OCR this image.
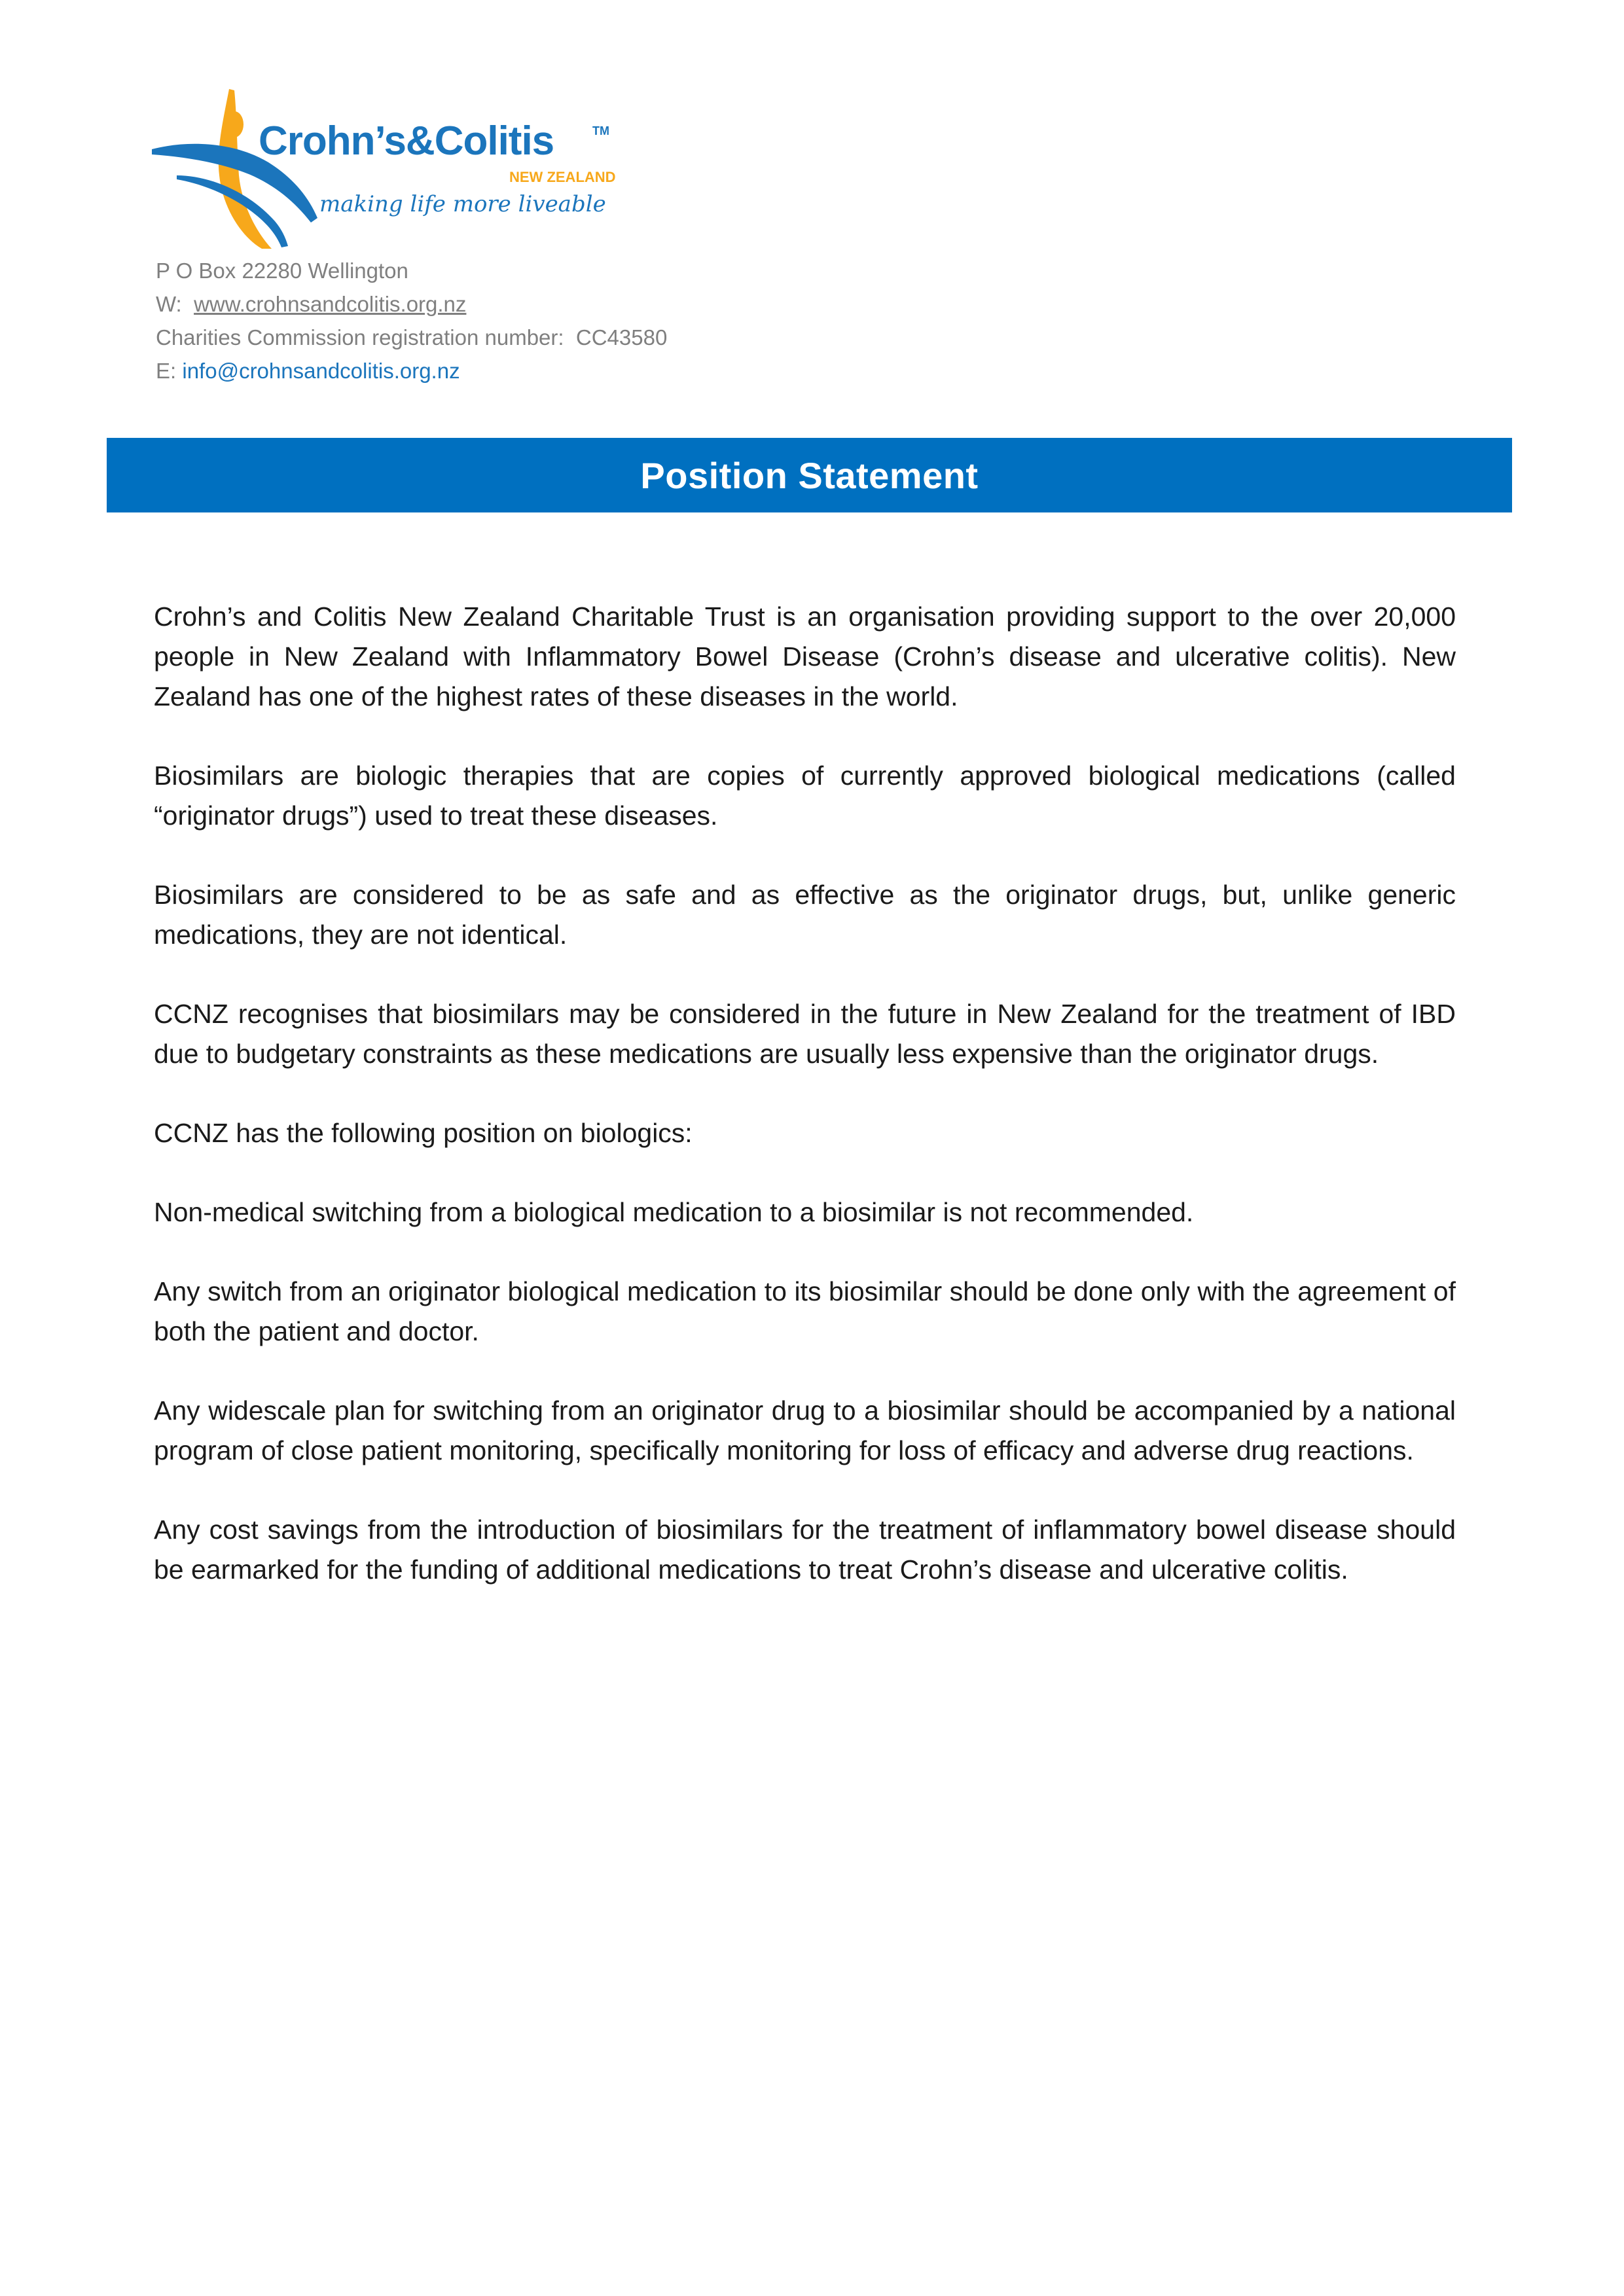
Crohn’s&Colitis	TM
NEW ZEALAND
making life more liveable
P O Box 22280 Wellington
W:  www.crohnsandcolitis.org.nz
Charities Commission registration number:  CC43580
E: info@crohnsandcolitis.org.nz
Position Statement

Crohn’s and Colitis New Zealand Charitable Trust is an organisation providing support to the over 20,000 people in New Zealand with Inflammatory Bowel Disease (Crohn’s disease and ulcerative colitis). New Zealand has one of the highest rates of these diseases in the world.

Biosimilars are biologic therapies that are copies of currently approved biological medications (called “originator drugs”) used to treat these diseases.

Biosimilars are considered to be as safe and as effective as the originator drugs, but, unlike generic medications, they are not identical.

CCNZ recognises that biosimilars may be considered in the future in New Zealand for the treatment of IBD due to budgetary constraints as these medications are usually less expensive than the originator drugs.

CCNZ has the following position on biologics:

Non-medical switching from a biological medication to a biosimilar is not recommended.

Any switch from an originator biological medication to its biosimilar should be done only with the agreement of both the patient and doctor.

Any widescale plan for switching from an originator drug to a biosimilar should be accompanied by a national program of close patient monitoring, specifically monitoring for loss of efficacy and adverse drug reactions.

Any cost savings from the introduction of biosimilars for the treatment of inflammatory bowel disease should be earmarked for the funding of additional medications to treat Crohn’s disease and ulcerative colitis.
